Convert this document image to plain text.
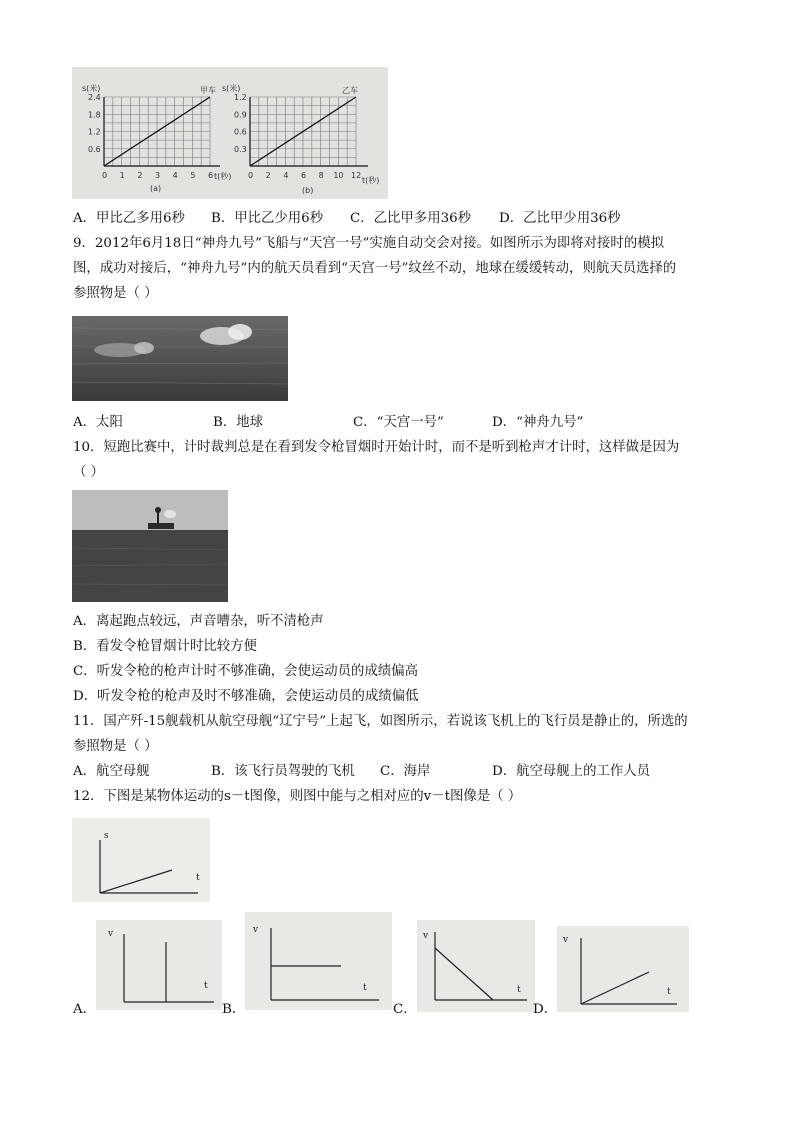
s(米)	甲车
t(秒)
(a)
2.4
1.8
1.2
0.6
0 1 2 3 4 5 6
s(米)	乙车
t(秒)
(b)
1.2
0.9
0.6
0.3
0 2 4 6 8 10 12
A．甲比乙多用6秒 B．甲比乙少用6秒 C．乙比甲多用36秒 D．乙比甲少用36秒
9．2012年6月18日“神舟九号”飞船与“天宫一号”实施自动交会对接。如图所示为即将对接时的模拟
图，成功对接后，“神舟九号”内的航天员看到“天宫一号”纹丝不动，地球在缓缓转动，则航天员选择的
参照物是（ ）
A．太阳	B．地球	C．“天宫一号”	D．“神舟九号”
10．短跑比赛中，计时裁判总是在看到发令枪冒烟时开始计时，而不是听到枪声才计时，这样做是因为
（ ）
A．离起跑点较远，声音嘈杂，听不清枪声
B．看发令枪冒烟计时比较方便
C．听发令枪的枪声计时不够准确，会使运动员的成绩偏高
D．听发令枪的枪声及时不够准确，会使运动员的成绩偏低
11．国产歼-15舰载机从航空母舰“辽宁号”上起飞，如图所示，若说该飞机上的飞行员是静止的，所选的
参照物是（ ）
A．航空母舰	B．该飞行员驾驶的飞机 C．海岸	D．航空母舰上的工作人员
12．下图是某物体运动的s－t图像，则图中能与之相对应的v－t图像是（ ）
s
t
A．
v
t
B．
v
t
C．
v
t
D．
v
t
